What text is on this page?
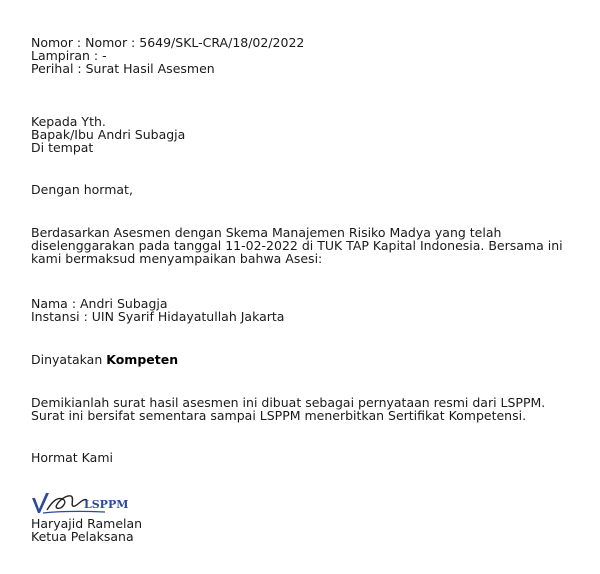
Nomor : Nomor : 5649/SKL-CRA/18/02/2022
Lampiran : -
Perihal : Surat Hasil Asesmen
Kepada Yth.
Bapak/Ibu Andri Subagja
Di tempat
Dengan hormat,
Berdasarkan Asesmen dengan Skema Manajemen Risiko Madya yang telah diselenggarakan pada tanggal 11-02-2022 di TUK TAP Kapital Indonesia. Bersama ini kami bermaksud menyampaikan bahwa Asesi:
Nama : Andri Subagja
Instansi : UIN Syarif Hidayatullah Jakarta
Dinyatakan Kompeten
Demikianlah surat hasil asesmen ini dibuat sebagai pernyataan resmi dari LSPPM. Surat ini bersifat sementara sampai LSPPM menerbitkan Sertifikat Kompetensi.
Hormat Kami
LSPPM
Haryajid Ramelan
Ketua Pelaksana
